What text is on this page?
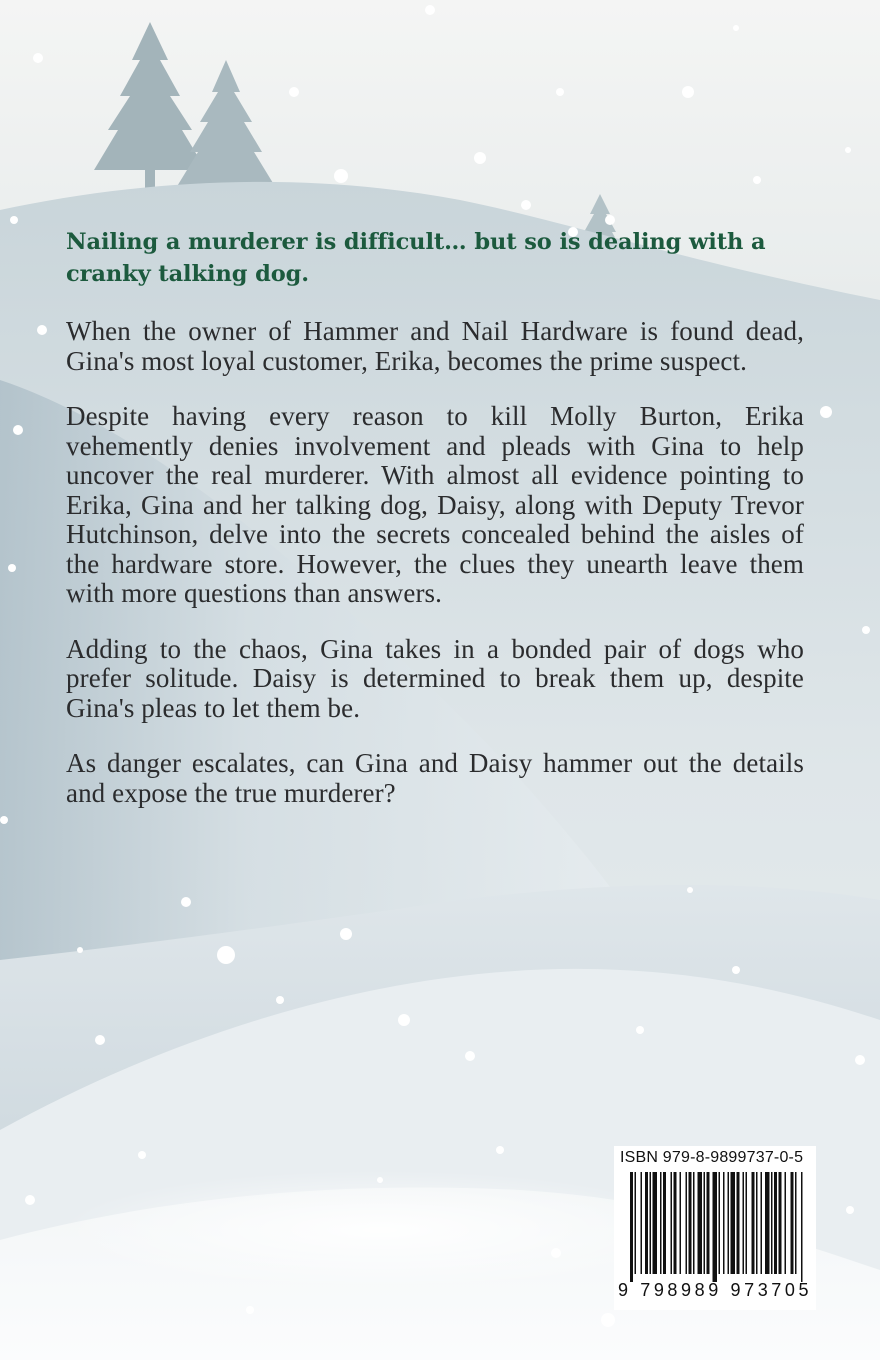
Nailing a murderer is difficult… but so is dealing with a cranky talking dog.

When the owner of Hammer and Nail Hardware is found dead, Gina's most loyal customer, Erika, becomes the prime suspect.

Despite having every reason to kill Molly Burton, Erika vehemently denies involvement and pleads with Gina to help uncover the real murderer. With almost all evidence pointing to Erika, Gina and her talking dog, Daisy, along with Deputy Trevor Hutchinson, delve into the secrets concealed behind the aisles of the hardware store. However, the clues they unearth leave them with more questions than answers.

Adding to the chaos, Gina takes in a bonded pair of dogs who prefer solitude. Daisy is determined to break them up, despite Gina's pleas to let them be.

As danger escalates, can Gina and Daisy hammer out the details and expose the true murderer?

ISBN 979-8-9899737-0-5
9 798989 973705
